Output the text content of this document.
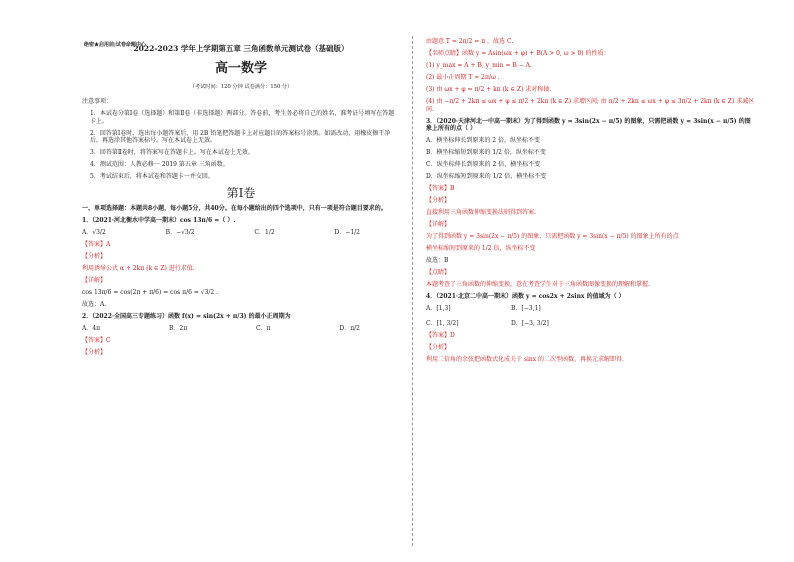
绝密★启用前|试卷命题中心
2022-2023 学年上学期第五章 三角函数单元测试卷（基础版）
高一数学
（考试时间：120 分钟 试卷满分：150 分）
注意事项：
1．本试卷分第Ⅰ卷（选择题）和第Ⅱ卷（非选择题）两部分。答卷前，考生务必将自己的姓名、准考证号填写在答题卡上。
2．回答第Ⅰ卷时，选出每小题答案后，用 2B 铅笔把答题卡上对应题目的答案标号涂黑。如需改动，用橡皮擦干净后，再选涂其他答案标号。写在本试卷上无效。
3．回答第Ⅱ卷时，将答案写在答题卡上。写在本试卷上无效。
4．测试范围：人教必修一 2019 第五章 三角函数。
5．考试结束后，将本试卷和答题卡一并交回。
第Ⅰ卷
一、单项选择题：本题共8小题，每小题5分，共40分。在每小题给出的四个选项中，只有一项是符合题目要求的。
1．（2021·河北衡水中学高一期末）cos 13π/6 =（ ）.
A．√3/2	B．−√3/2	C．1/2	D．−1/2
【答案】A
【分析】
利用诱导公式 α + 2kπ (k ∈ Z) 进行求值.
【详解】
cos 13π/6 = cos(2π + π/6) = cos π/6 = √3/2 .
故选：A.
2．（2022·全国高三专题练习）函数 f(x) = sin(2x + π/3) 的最小正周期为
A．4π	B．2π	C．π	D．π/2
【答案】C
【分析】
由题意 T = 2π/2 = π ，故选 C.
【名师点睛】函数 y = Asin(ωx + φ) + B(A > 0, ω > 0) 的性质：
(1) y_max = A + B, y_min = B − A.
(2) 最小正周期 T = 2π/ω .
(3) 由 ωx + φ = π/2 + kπ (k ∈ Z) 求对称轴.
(4) 由 −π/2 + 2kπ ≤ ωx + φ ≤ π/2 + 2kπ (k ∈ Z) 求增区间; 由 π/2 + 2kπ ≤ ωx + φ ≤ 3π/2 + 2kπ (k ∈ Z) 求减区间.
3．（2020·天津河北一中高一期末）为了得到函数 y = 3sin(2x − π/5) 的图象，只需把函数 y = 3sin(x − π/5) 的图象上所有的点（ ）
A．横坐标伸长到原来的 2 倍，纵坐标不变
B．横坐标缩短到原来的 1/2 倍，纵坐标不变
C．纵坐标伸长到原来的 2 倍，横坐标不变
D．纵坐标缩短到原来的 1/2 倍，横坐标不变
【答案】B
【分析】
直接利用三角函数伸缩变换法则得到答案.
【详解】
为了得到函数 y = 3sin(2x − π/5) 的图象，只需把函数 y = 3sin(x − π/5) 的图象上所有的点
横坐标缩短到原来的 1/2 倍，纵坐标不变
故选：B
【点睛】
本题考查了三角函数的伸缩变换，意在考查学生对于三角函数图像变换的理解和掌握.
4．（2021·北京二中高一期末）函数 y = cos2x + 2sinx 的值域为（ ）
A．[1,3]	B．[−3,1]
C．[1, 3/2]	D．[−3, 3/2]
【答案】D
【分析】
利用二倍角的余弦把函数式化成关于 sinx 的二次型函数，再换元求解即得.
